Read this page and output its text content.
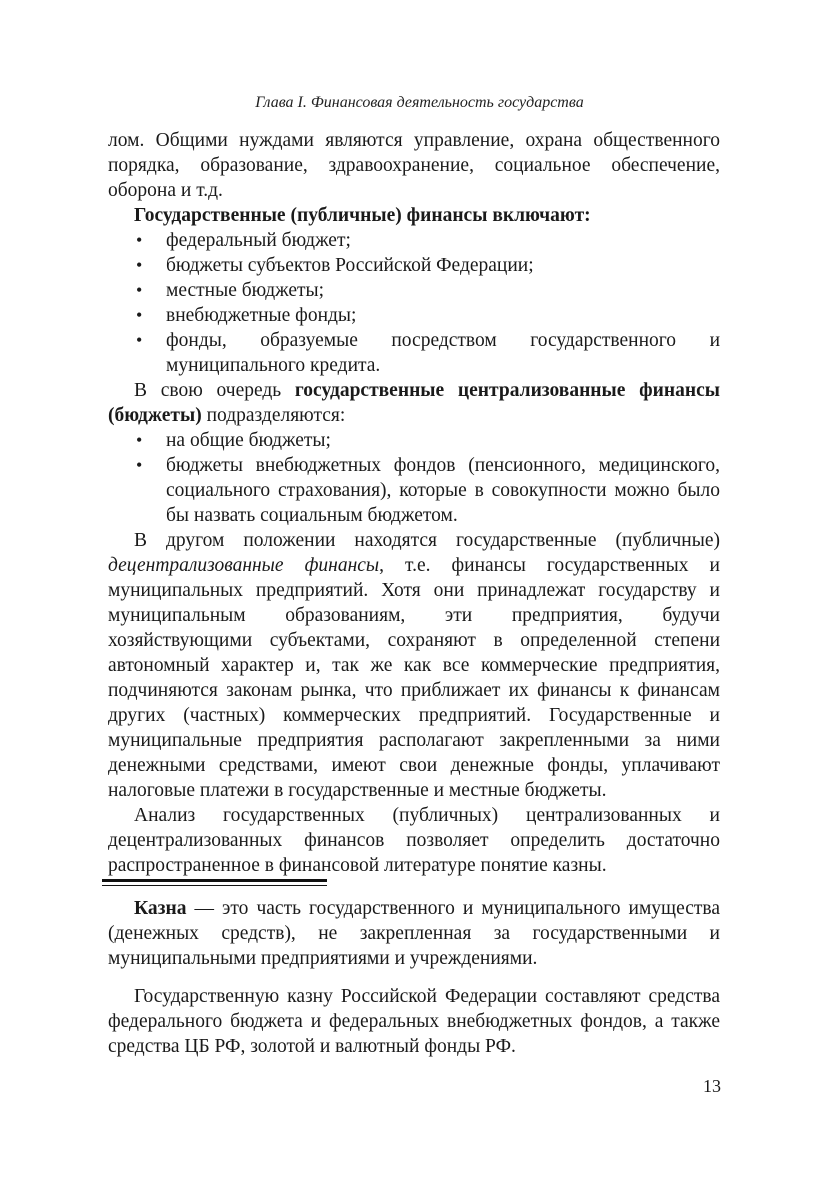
Глава I. Финансовая деятельность государства

лом. Общими нуждами являются управление, охрана общественного порядка, образование, здравоохранение, социальное обеспечение, оборона и т.д.

Государственные (публичные) финансы включают:

• федеральный бюджет;
• бюджеты субъектов Российской Федерации;
• местные бюджеты;
• внебюджетные фонды;
• фонды, образуемые посредством государственного и муниципального кредита.

В свою очередь государственные централизованные финансы (бюджеты) подразделяются:

• на общие бюджеты;
• бюджеты внебюджетных фондов (пенсионного, медицинского, социального страхования), которые в совокупности можно было бы назвать социальным бюджетом.

В другом положении находятся государственные (публичные) децентрализованные финансы, т.е. финансы государственных и муниципальных предприятий. Хотя они принадлежат государству и муниципальным образованиям, эти предприятия, будучи хозяйствующими субъектами, сохраняют в определенной степени автономный характер и, так же как все коммерческие предприятия, подчиняются законам рынка, что приближает их финансы к финансам других (частных) коммерческих предприятий. Государственные и муниципальные предприятия располагают закрепленными за ними денежными средствами, имеют свои денежные фонды, уплачивают налоговые платежи в государственные и местные бюджеты.

Анализ государственных (публичных) централизованных и децентрализованных финансов позволяет определить достаточно распространенное в финансовой литературе понятие казны.

Казна — это часть государственного и муниципального имущества (денежных средств), не закрепленная за государственными и муниципальными предприятиями и учреждениями.

Государственную казну Российской Федерации составляют средства федерального бюджета и федеральных внебюджетных фондов, а также средства ЦБ РФ, золотой и валютный фонды РФ.

13
